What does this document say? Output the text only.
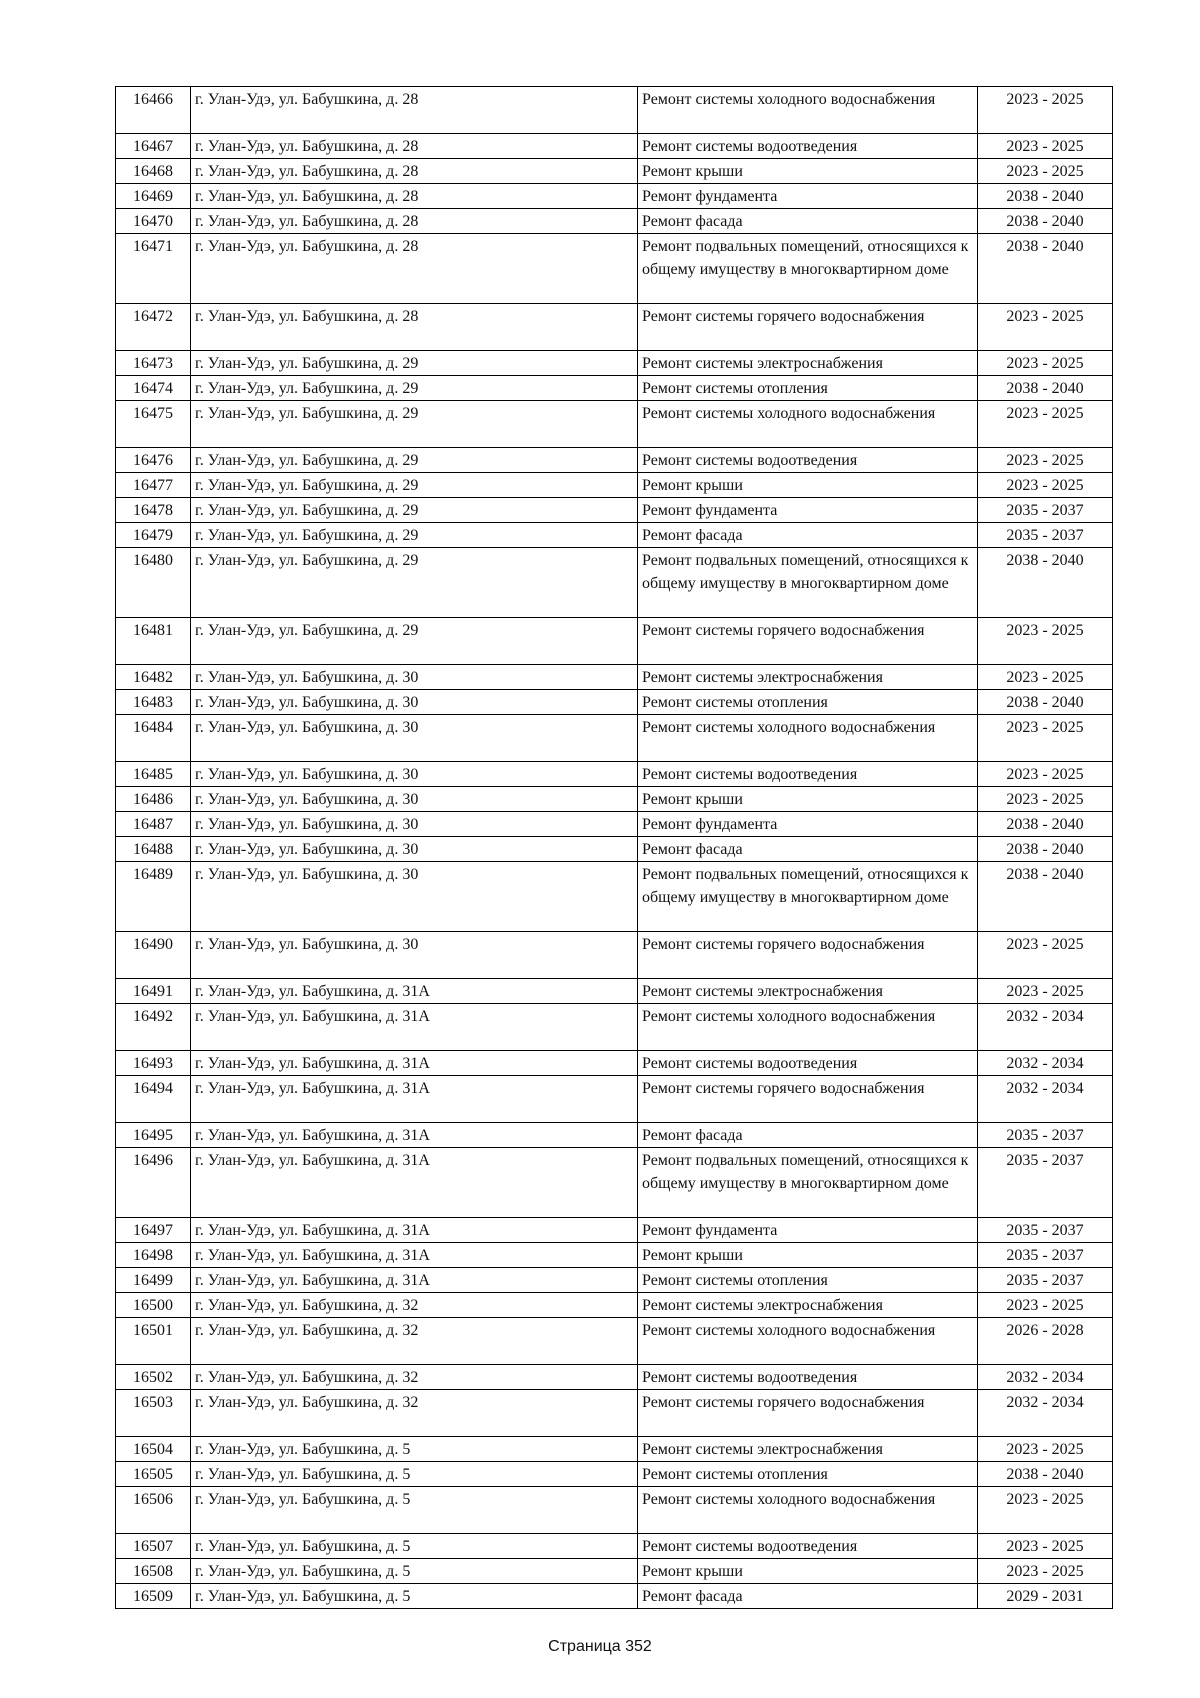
16466	г. Улан-Удэ, ул. Бабушкина, д. 28	Ремонт системы холодного водоснабжения	2023 - 2025
16467	г. Улан-Удэ, ул. Бабушкина, д. 28	Ремонт системы водоотведения	2023 - 2025
16468	г. Улан-Удэ, ул. Бабушкина, д. 28	Ремонт крыши	2023 - 2025
16469	г. Улан-Удэ, ул. Бабушкина, д. 28	Ремонт фундамента	2038 - 2040
16470	г. Улан-Удэ, ул. Бабушкина, д. 28	Ремонт фасада	2038 - 2040
16471	г. Улан-Удэ, ул. Бабушкина, д. 28	Ремонт подвальных помещений, относящихся к общему имуществу в многоквартирном доме	2038 - 2040
16472	г. Улан-Удэ, ул. Бабушкина, д. 28	Ремонт системы горячего водоснабжения	2023 - 2025
16473	г. Улан-Удэ, ул. Бабушкина, д. 29	Ремонт системы электроснабжения	2023 - 2025
16474	г. Улан-Удэ, ул. Бабушкина, д. 29	Ремонт системы отопления	2038 - 2040
16475	г. Улан-Удэ, ул. Бабушкина, д. 29	Ремонт системы холодного водоснабжения	2023 - 2025
16476	г. Улан-Удэ, ул. Бабушкина, д. 29	Ремонт системы водоотведения	2023 - 2025
16477	г. Улан-Удэ, ул. Бабушкина, д. 29	Ремонт крыши	2023 - 2025
16478	г. Улан-Удэ, ул. Бабушкина, д. 29	Ремонт фундамента	2035 - 2037
16479	г. Улан-Удэ, ул. Бабушкина, д. 29	Ремонт фасада	2035 - 2037
16480	г. Улан-Удэ, ул. Бабушкина, д. 29	Ремонт подвальных помещений, относящихся к общему имуществу в многоквартирном доме	2038 - 2040
16481	г. Улан-Удэ, ул. Бабушкина, д. 29	Ремонт системы горячего водоснабжения	2023 - 2025
16482	г. Улан-Удэ, ул. Бабушкина, д. 30	Ремонт системы электроснабжения	2023 - 2025
16483	г. Улан-Удэ, ул. Бабушкина, д. 30	Ремонт системы отопления	2038 - 2040
16484	г. Улан-Удэ, ул. Бабушкина, д. 30	Ремонт системы холодного водоснабжения	2023 - 2025
16485	г. Улан-Удэ, ул. Бабушкина, д. 30	Ремонт системы водоотведения	2023 - 2025
16486	г. Улан-Удэ, ул. Бабушкина, д. 30	Ремонт крыши	2023 - 2025
16487	г. Улан-Удэ, ул. Бабушкина, д. 30	Ремонт фундамента	2038 - 2040
16488	г. Улан-Удэ, ул. Бабушкина, д. 30	Ремонт фасада	2038 - 2040
16489	г. Улан-Удэ, ул. Бабушкина, д. 30	Ремонт подвальных помещений, относящихся к общему имуществу в многоквартирном доме	2038 - 2040
16490	г. Улан-Удэ, ул. Бабушкина, д. 30	Ремонт системы горячего водоснабжения	2023 - 2025
16491	г. Улан-Удэ, ул. Бабушкина, д. 31А	Ремонт системы электроснабжения	2023 - 2025
16492	г. Улан-Удэ, ул. Бабушкина, д. 31А	Ремонт системы холодного водоснабжения	2032 - 2034
16493	г. Улан-Удэ, ул. Бабушкина, д. 31А	Ремонт системы водоотведения	2032 - 2034
16494	г. Улан-Удэ, ул. Бабушкина, д. 31А	Ремонт системы горячего водоснабжения	2032 - 2034
16495	г. Улан-Удэ, ул. Бабушкина, д. 31А	Ремонт фасада	2035 - 2037
16496	г. Улан-Удэ, ул. Бабушкина, д. 31А	Ремонт подвальных помещений, относящихся к общему имуществу в многоквартирном доме	2035 - 2037
16497	г. Улан-Удэ, ул. Бабушкина, д. 31А	Ремонт фундамента	2035 - 2037
16498	г. Улан-Удэ, ул. Бабушкина, д. 31А	Ремонт крыши	2035 - 2037
16499	г. Улан-Удэ, ул. Бабушкина, д. 31А	Ремонт системы отопления	2035 - 2037
16500	г. Улан-Удэ, ул. Бабушкина, д. 32	Ремонт системы электроснабжения	2023 - 2025
16501	г. Улан-Удэ, ул. Бабушкина, д. 32	Ремонт системы холодного водоснабжения	2026 - 2028
16502	г. Улан-Удэ, ул. Бабушкина, д. 32	Ремонт системы водоотведения	2032 - 2034
16503	г. Улан-Удэ, ул. Бабушкина, д. 32	Ремонт системы горячего водоснабжения	2032 - 2034
16504	г. Улан-Удэ, ул. Бабушкина, д. 5	Ремонт системы электроснабжения	2023 - 2025
16505	г. Улан-Удэ, ул. Бабушкина, д. 5	Ремонт системы отопления	2038 - 2040
16506	г. Улан-Удэ, ул. Бабушкина, д. 5	Ремонт системы холодного водоснабжения	2023 - 2025
16507	г. Улан-Удэ, ул. Бабушкина, д. 5	Ремонт системы водоотведения	2023 - 2025
16508	г. Улан-Удэ, ул. Бабушкина, д. 5	Ремонт крыши	2023 - 2025
16509	г. Улан-Удэ, ул. Бабушкина, д. 5	Ремонт фасада	2029 - 2031
Страница 352
